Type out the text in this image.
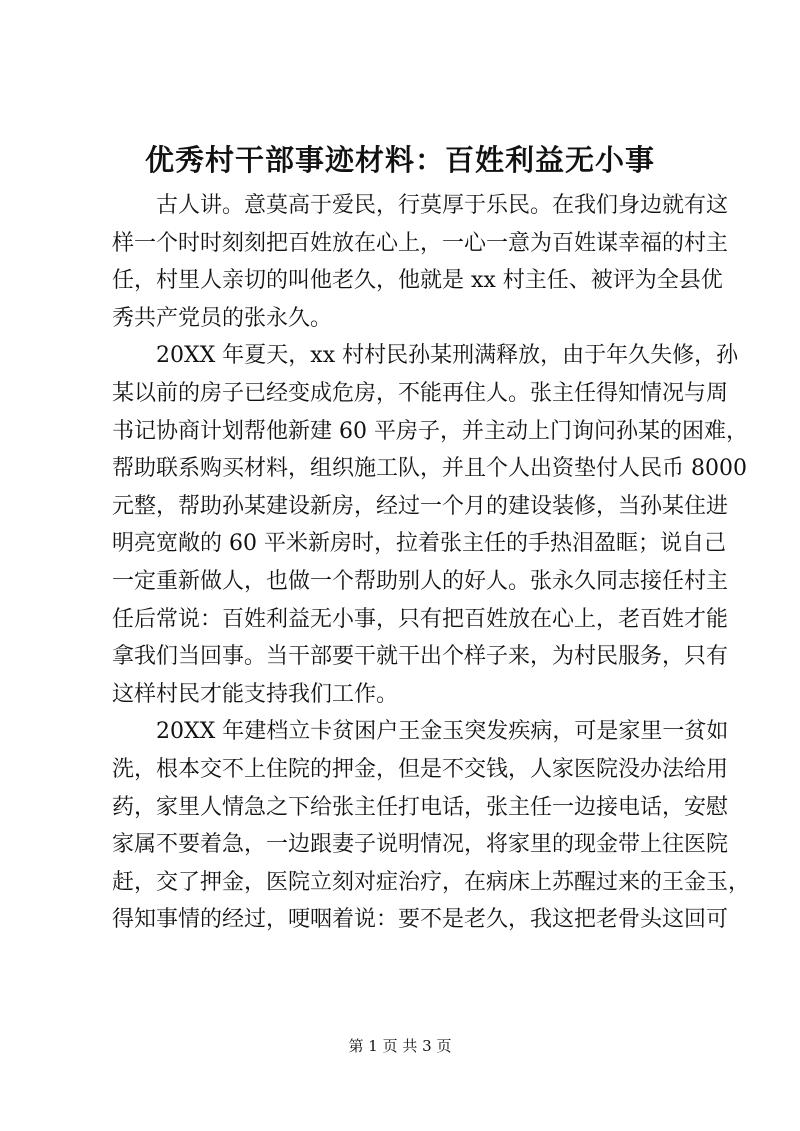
优秀村干部事迹材料：百姓利益无小事
古人讲。意莫高于爱民，行莫厚于乐民。在我们身边就有这
样一个时时刻刻把百姓放在心上，一心一意为百姓谋幸福的村主
任，村里人亲切的叫他老久，他就是 xx 村主任、被评为全县优
秀共产党员的张永久。
20XX 年夏天，xx 村村民孙某刑满释放，由于年久失修，孙
某以前的房子已经变成危房，不能再住人。张主任得知情况与周
书记协商计划帮他新建 60 平房子，并主动上门询问孙某的困难，
帮助联系购买材料，组织施工队，并且个人出资垫付人民币 8000
元整，帮助孙某建设新房，经过一个月的建设装修，当孙某住进
明亮宽敞的 60 平米新房时，拉着张主任的手热泪盈眶；说自己
一定重新做人，也做一个帮助别人的好人。张永久同志接任村主
任后常说：百姓利益无小事，只有把百姓放在心上，老百姓才能
拿我们当回事。当干部要干就干出个样子来，为村民服务，只有
这样村民才能支持我们工作。
20XX 年建档立卡贫困户王金玉突发疾病，可是家里一贫如
洗，根本交不上住院的押金，但是不交钱，人家医院没办法给用
药，家里人情急之下给张主任打电话，张主任一边接电话，安慰
家属不要着急，一边跟妻子说明情况，将家里的现金带上往医院
赶，交了押金，医院立刻对症治疗，在病床上苏醒过来的王金玉，
得知事情的经过，哽咽着说：要不是老久，我这把老骨头这回可
第 1 页 共 3 页
